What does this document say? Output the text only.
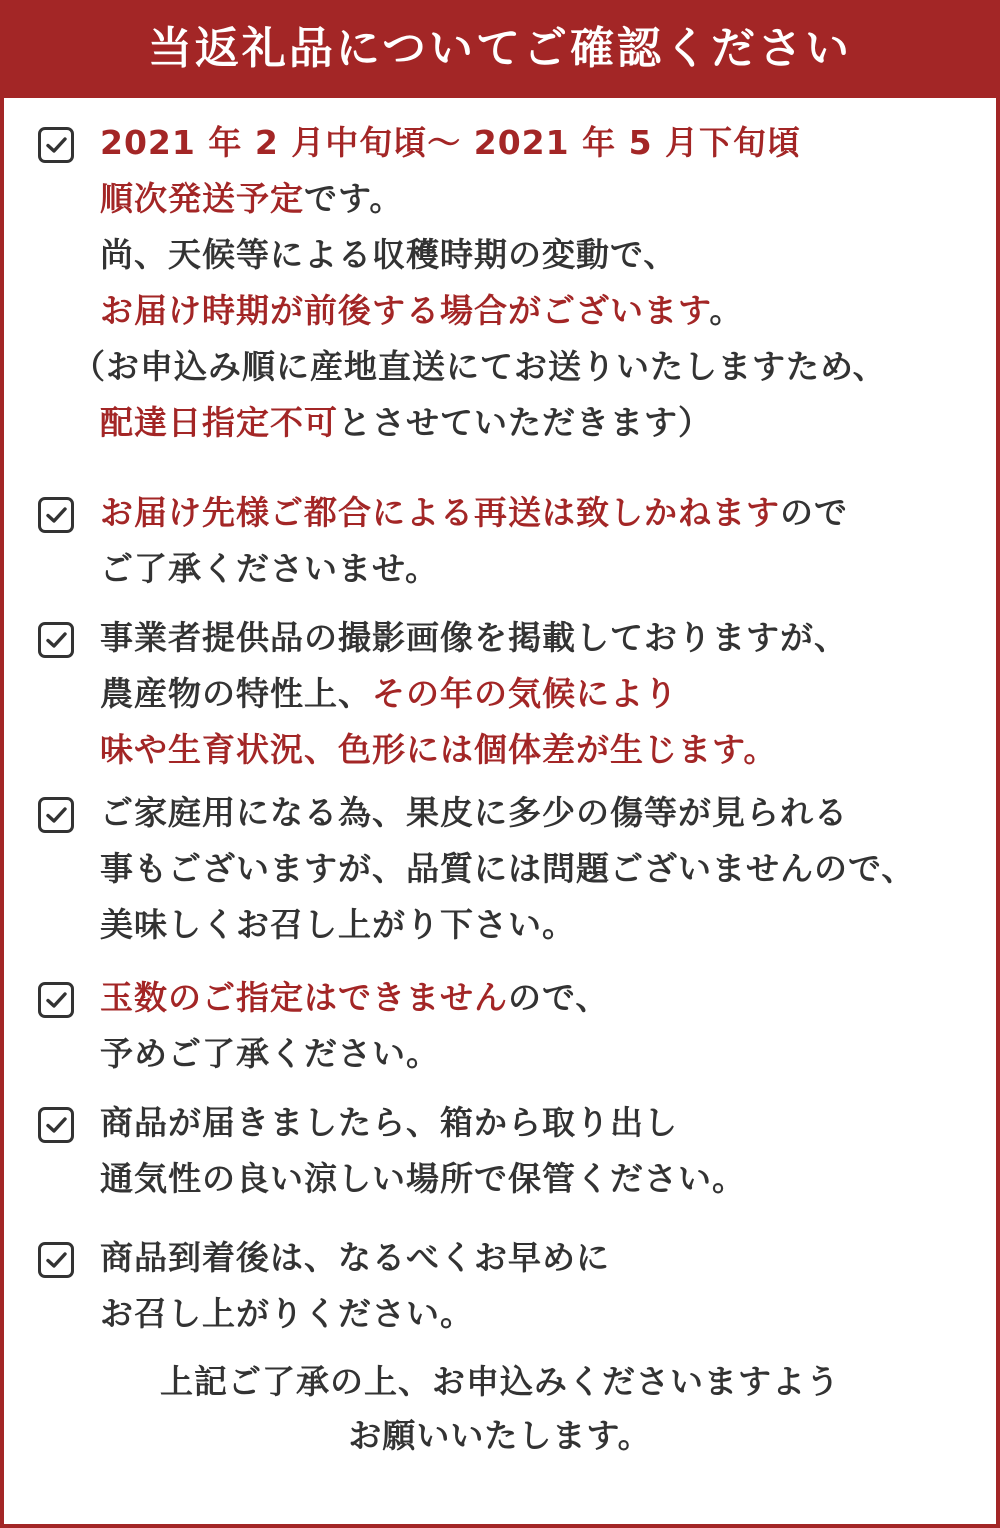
当返礼品についてご確認ください
2021 年 2 月中旬頃〜 2021 年 5 月下旬頃
順次発送予定です。
尚、天候等による収穫時期の変動で、
お届け時期が前後する場合がございます。
（お申込み順に産地直送にてお送りいたしますため、
配達日指定不可とさせていただきます）
お届け先様ご都合による再送は致しかねますので
ご了承くださいませ。
事業者提供品の撮影画像を掲載しておりますが、
農産物の特性上、その年の気候により
味や生育状況、色形には個体差が生じます。
ご家庭用になる為、果皮に多少の傷等が見られる
事もございますが、品質には問題ございませんので、
美味しくお召し上がり下さい。
玉数のご指定はできませんので、
予めご了承ください。
商品が届きましたら、箱から取り出し
通気性の良い涼しい場所で保管ください。
商品到着後は、なるべくお早めに
お召し上がりください。
上記ご了承の上、お申込みくださいますよう
お願いいたします。
